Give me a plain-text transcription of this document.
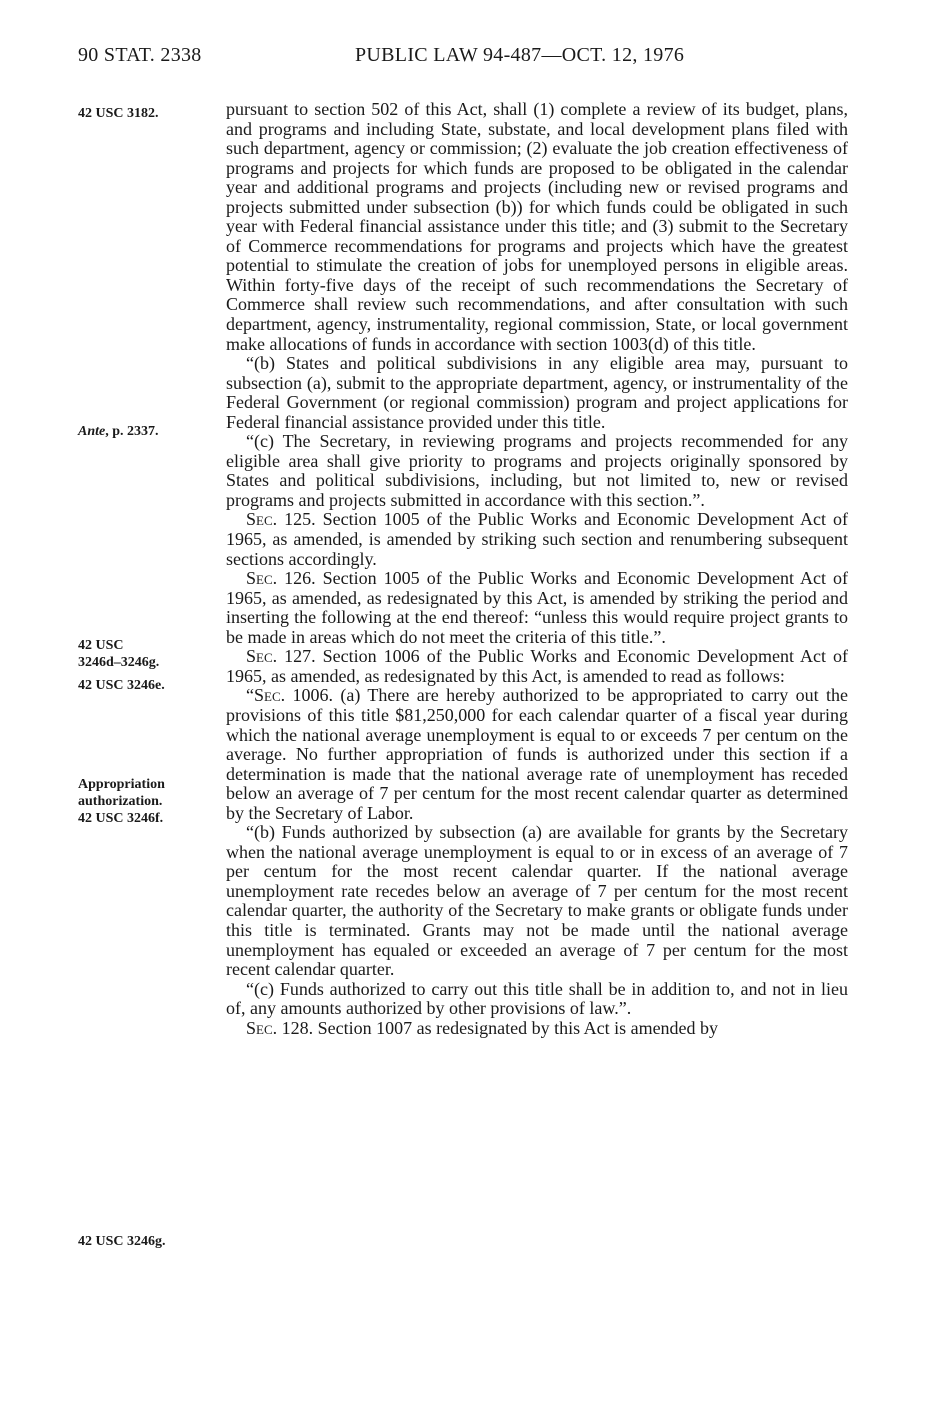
90 STAT. 2338	PUBLIC LAW 94-487—OCT. 12, 1976
42 USC 3182.
Ante, p. 2337.
42 USC
3246d–3246g.
42 USC 3246e.
Appropriation
authorization.
42 USC 3246f.
42 USC 3246g.

pursuant to section 502 of this Act, shall (1) complete a review of its budget, plans, and programs and including State, substate, and local development plans filed with such department, agency or commission; (2) evaluate the job creation effectiveness of programs and projects for which funds are proposed to be obligated in the calendar year and additional programs and projects (including new or revised programs and projects submitted under subsection (b)) for which funds could be obligated in such year with Federal financial assistance under this title; and (3) submit to the Secretary of Commerce recommendations for programs and projects which have the greatest potential to stimulate the creation of jobs for unemployed persons in eligible areas. Within forty-five days of the receipt of such recommendations the Secretary of Commerce shall review such recommendations, and after consultation with such department, agency, instrumentality, regional commission, State, or local government make allocations of funds in accordance with section 1003(d) of this title.

“(b) States and political subdivisions in any eligible area may, pursuant to subsection (a), submit to the appropriate department, agency, or instrumentality of the Federal Government (or regional commission) program and project applications for Federal financial assistance provided under this title.

“(c) The Secretary, in reviewing programs and projects recommended for any eligible area shall give priority to programs and projects originally sponsored by States and political subdivisions, including, but not limited to, new or revised programs and projects submitted in accordance with this section.”.

Sec. 125. Section 1005 of the Public Works and Economic Development Act of 1965, as amended, is amended by striking such section and renumbering subsequent sections accordingly.

Sec. 126. Section 1005 of the Public Works and Economic Development Act of 1965, as amended, as redesignated by this Act, is amended by striking the period and inserting the following at the end thereof: “unless this would require project grants to be made in areas which do not meet the criteria of this title.”.

Sec. 127. Section 1006 of the Public Works and Economic Development Act of 1965, as amended, as redesignated by this Act, is amended to read as follows:

“Sec. 1006. (a) There are hereby authorized to be appropriated to carry out the provisions of this title $81,250,000 for each calendar quarter of a fiscal year during which the national average unemployment is equal to or exceeds 7 per centum on the average. No further appropriation of funds is authorized under this section if a determination is made that the national average rate of unemployment has receded below an average of 7 per centum for the most recent calendar quarter as determined by the Secretary of Labor.

“(b) Funds authorized by subsection (a) are available for grants by the Secretary when the national average unemployment is equal to or in excess of an average of 7 per centum for the most recent calendar quarter. If the national average unemployment rate recedes below an average of 7 per centum for the most recent calendar quarter, the authority of the Secretary to make grants or obligate funds under this title is terminated. Grants may not be made until the national average unemployment has equaled or exceeded an average of 7 per centum for the most recent calendar quarter.

“(c) Funds authorized to carry out this title shall be in addition to, and not in lieu of, any amounts authorized by other provisions of law.”.

Sec. 128. Section 1007 as redesignated by this Act is amended by
